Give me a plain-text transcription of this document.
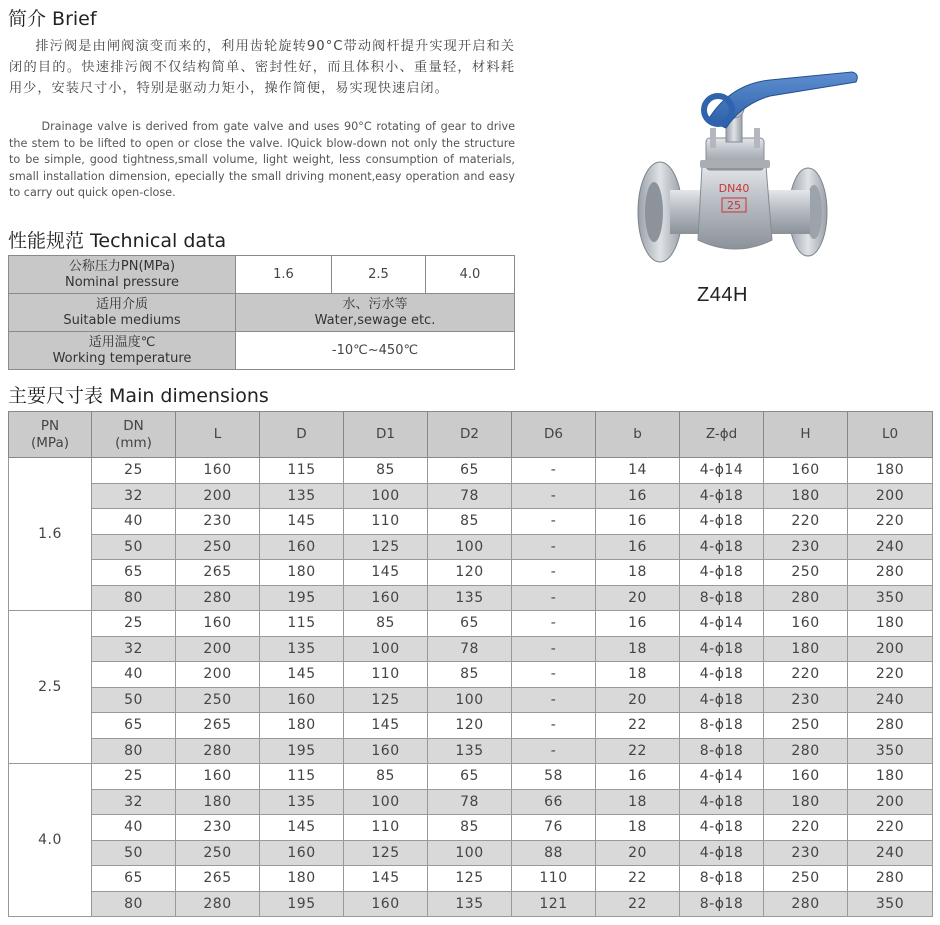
简介 Brief

排污阀是由闸阀演变而来的，利用齿轮旋转90°C带动阀杆提升实现开启和关闭的目的。快速排污阀不仅结构简单、密封性好，而且体积小、重量轻，材料耗用少，安装尺寸小，特别是驱动力矩小，操作简便，易实现快速启闭。

Drainage valve is derived from gate valve and uses 90°C rotating of gear to drive the stem to be lifted to open or close the valve. IQuick blow-down not only the structure to be simple, good tightness,small volume, light weight, less consumption of materials, small installation dimension, epecially the small driving monent,easy operation and easy to carry out quick open-close.	DN40
25
Z44H
性能规范 Technical data
公称压力PN(MPa)
Nominal pressure	1.6	2.5	4.0
适用介质
Suitable mediums	水、污水等
Water,sewage etc.		
适用温度℃
Working temperature	-10℃~450℃		
主要尺寸表 Main dimensions
PN
(MPa)	DN
(mm)	L	D	D1	D2	D6	b	Z-ϕd	H	L0
1.6	25	160	115	85	65	-	14	4-ϕ14	160	180
	32	200	135	100	78	-	16	4-ϕ18	180	200
	40	230	145	110	85	-	16	4-ϕ18	220	220
	50	250	160	125	100	-	16	4-ϕ18	230	240
	65	265	180	145	120	-	18	4-ϕ18	250	280
	80	280	195	160	135	-	20	8-ϕ18	280	350
2.5	25	160	115	85	65	-	16	4-ϕ14	160	180
	32	200	135	100	78	-	18	4-ϕ18	180	200
	40	200	145	110	85	-	18	4-ϕ18	220	220
	50	250	160	125	100	-	20	4-ϕ18	230	240
	65	265	180	145	120	-	22	8-ϕ18	250	280
	80	280	195	160	135	-	22	8-ϕ18	280	350
4.0	25	160	115	85	65	58	16	4-ϕ14	160	180
	32	180	135	100	78	66	18	4-ϕ18	180	200
	40	230	145	110	85	76	18	4-ϕ18	220	220
	50	250	160	125	100	88	20	4-ϕ18	230	240
	65	265	180	145	125	110	22	8-ϕ18	250	280
	80	280	195	160	135	121	22	8-ϕ18	280	350
